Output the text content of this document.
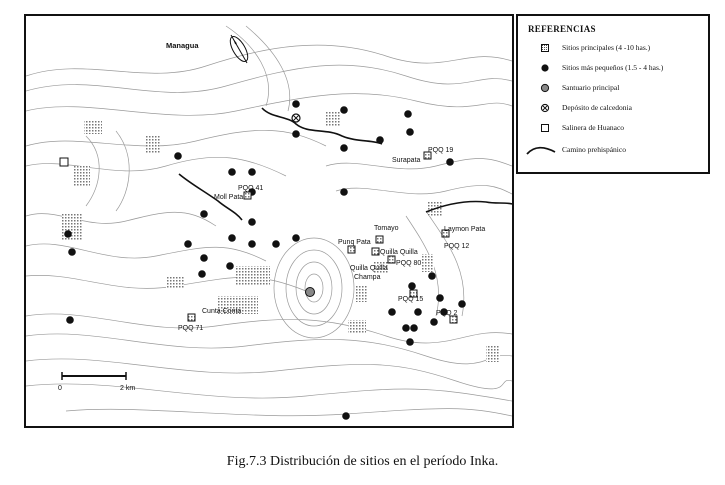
Managua
Surapata
PQQ 19
Moll Pata
PQQ 41
Tomayo
Punq Pata
Quilla Quilla
PQQ 80
Quilla Quilla
Champa
Laymon Pata
PQQ 12
PQQ 15
PQQ 2
Cunta Conta
PQQ 71
0	2 km
REFERENCIAS
Sitios principales (4 -10 has.)
Sitios más pequeños (1.5 - 4 has.)
Santuario principal
Depósito de calcedonia
Salinera de Huanaco
Camino prehispánico
Fig.7.3 Distribución de sitios en el período Inka.
